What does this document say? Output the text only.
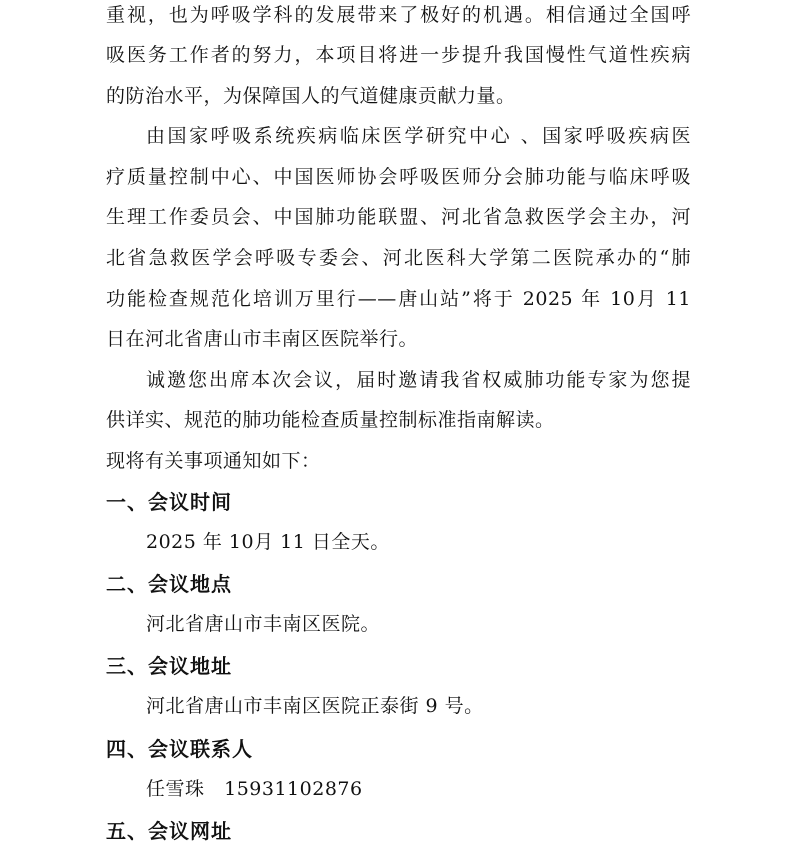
重视，也为呼吸学科的发展带来了极好的机遇。相信通过全国呼
吸医务工作者的努力，本项目将进一步提升我国慢性气道性疾病
的防治水平，为保障国人的气道健康贡献力量。
由国家呼吸系统疾病临床医学研究中心 、国家呼吸疾病医
疗质量控制中心、中国医师协会呼吸医师分会肺功能与临床呼吸
生理工作委员会、中国肺功能联盟、河北省急救医学会主办，河
北省急救医学会呼吸专委会、河北医科大学第二医院承办的“肺
功能检查规范化培训万里行——唐山站”将于 2025 年 10月 11
日在河北省唐山市丰南区医院举行。
诚邀您出席本次会议，届时邀请我省权威肺功能专家为您提
供详实、规范的肺功能检查质量控制标准指南解读。
现将有关事项通知如下：
一、会议时间
2025 年 10月 11 日全天。
二、会议地点
河北省唐山市丰南区医院。
三、会议地址
河北省唐山市丰南区医院正泰街 9 号。
四、会议联系人
任雪珠   15931102876
五、会议网址
